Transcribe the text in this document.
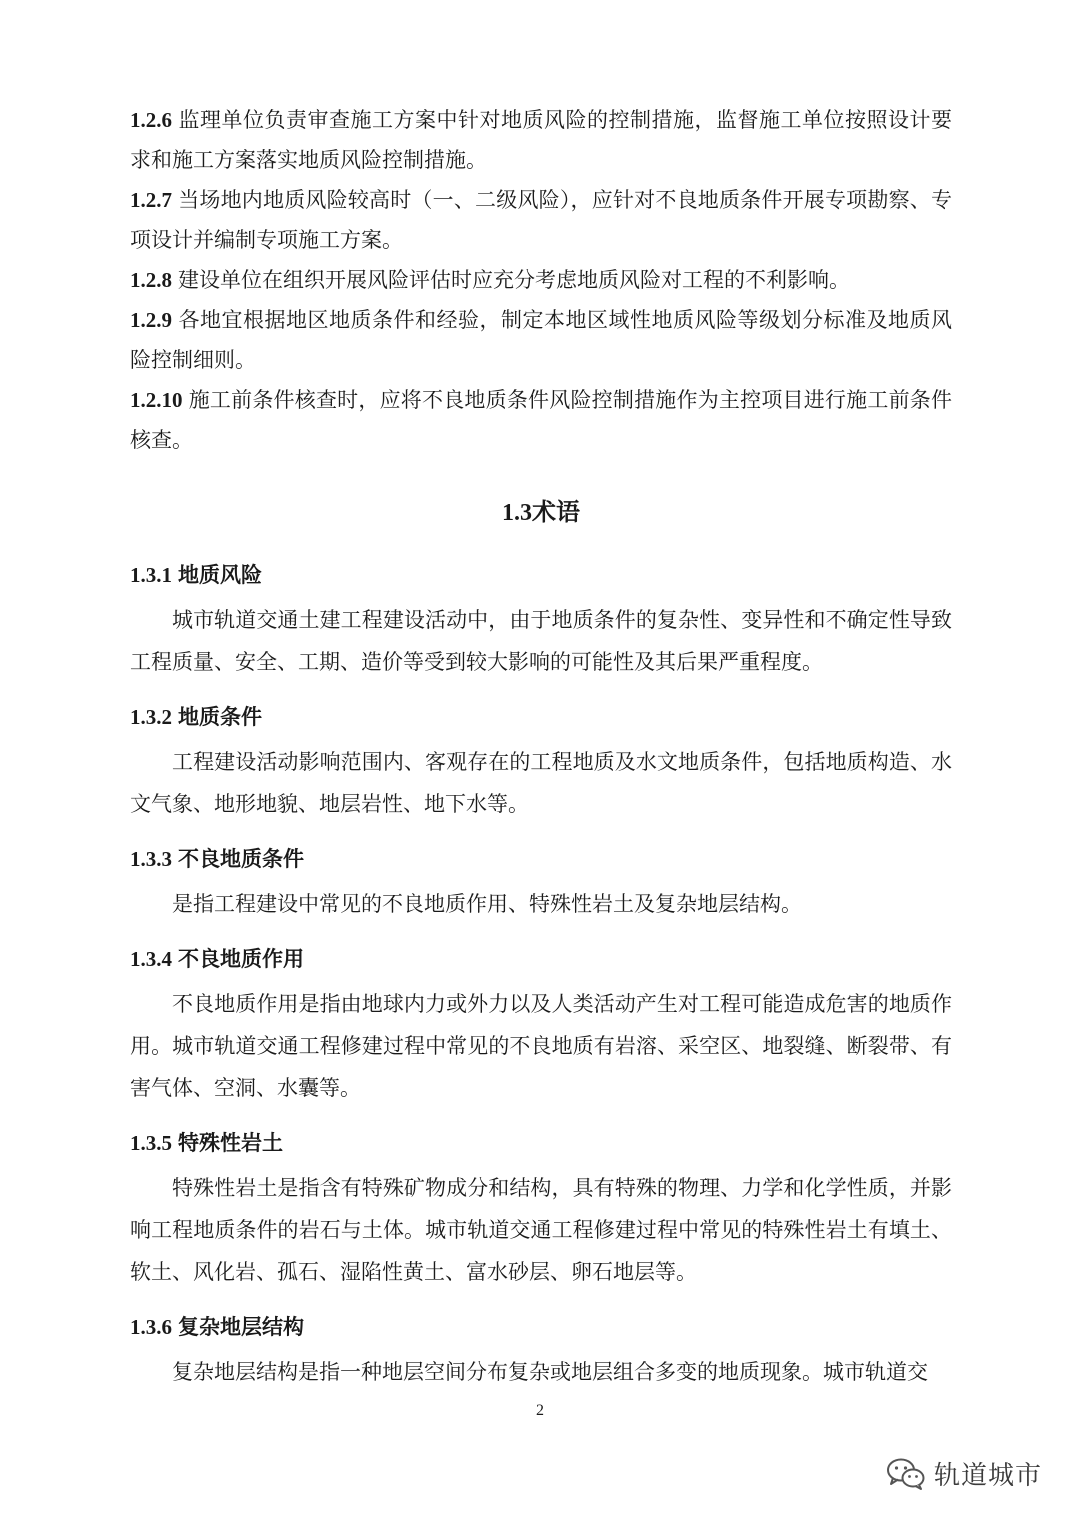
1.2.6 监理单位负责审查施工方案中针对地质风险的控制措施，监督施工单位按照设计要求和施工方案落实地质风险控制措施。

1.2.7 当场地内地质风险较高时（一、二级风险），应针对不良地质条件开展专项勘察、专项设计并编制专项施工方案。

1.2.8 建设单位在组织开展风险评估时应充分考虑地质风险对工程的不利影响。

1.2.9 各地宜根据地区地质条件和经验，制定本地区域性地质风险等级划分标准及地质风险控制细则。

1.2.10 施工前条件核查时，应将不良地质条件风险控制措施作为主控项目进行施工前条件核查。

1.3术语
1.3.1 地质风险

城市轨道交通土建工程建设活动中，由于地质条件的复杂性、变异性和不确定性导致工程质量、安全、工期、造价等受到较大影响的可能性及其后果严重程度。

1.3.2 地质条件

工程建设活动影响范围内、客观存在的工程地质及水文地质条件，包括地质构造、水文气象、地形地貌、地层岩性、地下水等。

1.3.3 不良地质条件

是指工程建设中常见的不良地质作用、特殊性岩土及复杂地层结构。

1.3.4 不良地质作用

不良地质作用是指由地球内力或外力以及人类活动产生对工程可能造成危害的地质作用。城市轨道交通工程修建过程中常见的不良地质有岩溶、采空区、地裂缝、断裂带、有害气体、空洞、水囊等。

1.3.5 特殊性岩土

特殊性岩土是指含有特殊矿物成分和结构，具有特殊的物理、力学和化学性质，并影响工程地质条件的岩石与土体。城市轨道交通工程修建过程中常见的特殊性岩土有填土、软土、风化岩、孤石、湿陷性黄土、富水砂层、卵石地层等。

1.3.6 复杂地层结构

复杂地层结构是指一种地层空间分布复杂或地层组合多变的地质现象。城市轨道交

2
轨道城市
